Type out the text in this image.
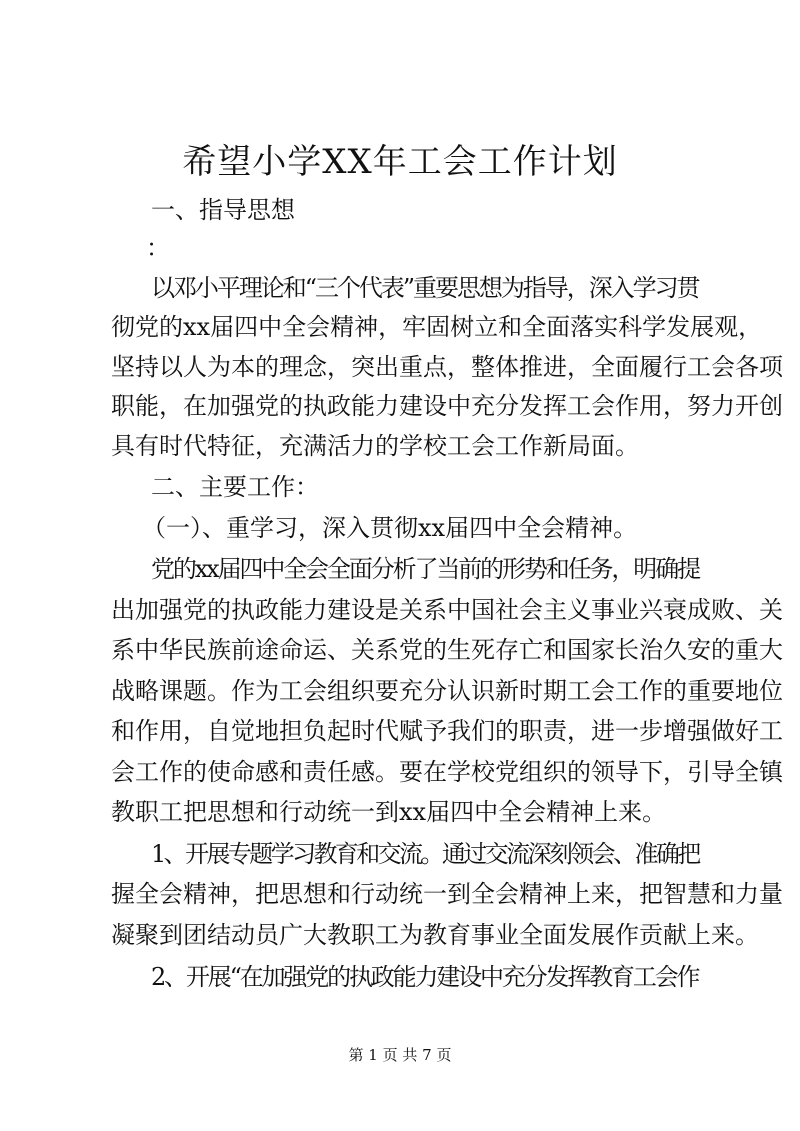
希望小学XX年工会工作计划
一、指导思想
：
以邓小平理论和“三个代表”重要思想为指导，深入学习贯
彻党的xx届四中全会精神，牢固树立和全面落实科学发展观，
坚持以人为本的理念，突出重点，整体推进，全面履行工会各项
职能，在加强党的执政能力建设中充分发挥工会作用，努力开创
具有时代特征，充满活力的学校工会工作新局面。
二、主要工作：
（一）、重学习，深入贯彻xx届四中全会精神。
党的xx届四中全会全面分析了当前的形势和任务，明确提
出加强党的执政能力建设是关系中国社会主义事业兴衰成败、关
系中华民族前途命运、关系党的生死存亡和国家长治久安的重大
战略课题。作为工会组织要充分认识新时期工会工作的重要地位
和作用，自觉地担负起时代赋予我们的职责，进一步增强做好工
会工作的使命感和责任感。要在学校党组织的领导下，引导全镇
教职工把思想和行动统一到xx届四中全会精神上来。
1、开展专题学习教育和交流。通过交流深刻领会、准确把
握全会精神，把思想和行动统一到全会精神上来，把智慧和力量
凝聚到团结动员广大教职工为教育事业全面发展作贡献上来。
2、开展“在加强党的执政能力建设中充分发挥教育工会作
第 1 页 共 7 页
